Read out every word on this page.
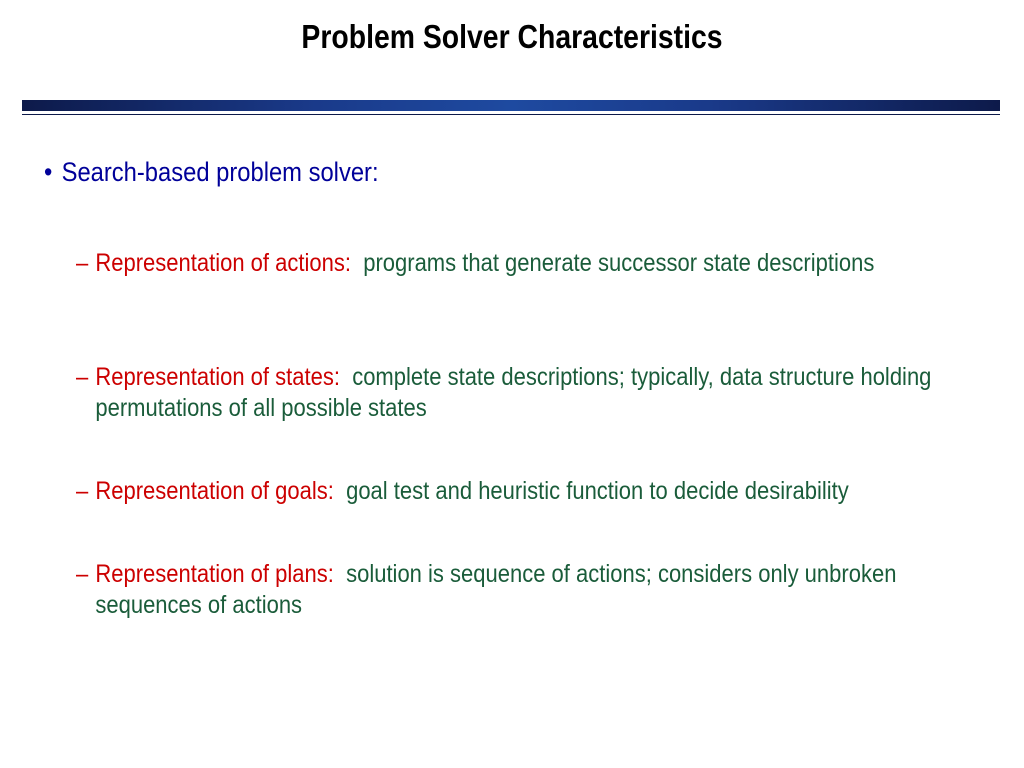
Problem Solver Characteristics
• Search-based problem solver:
– Representation of actions: programs that generate successor state descriptions
– Representation of states: complete state descriptions; typically, data structure holding permutations of all possible states
– Representation of goals: goal test and heuristic function to decide desirability
– Representation of plans: solution is sequence of actions; considers only unbroken sequences of actions
